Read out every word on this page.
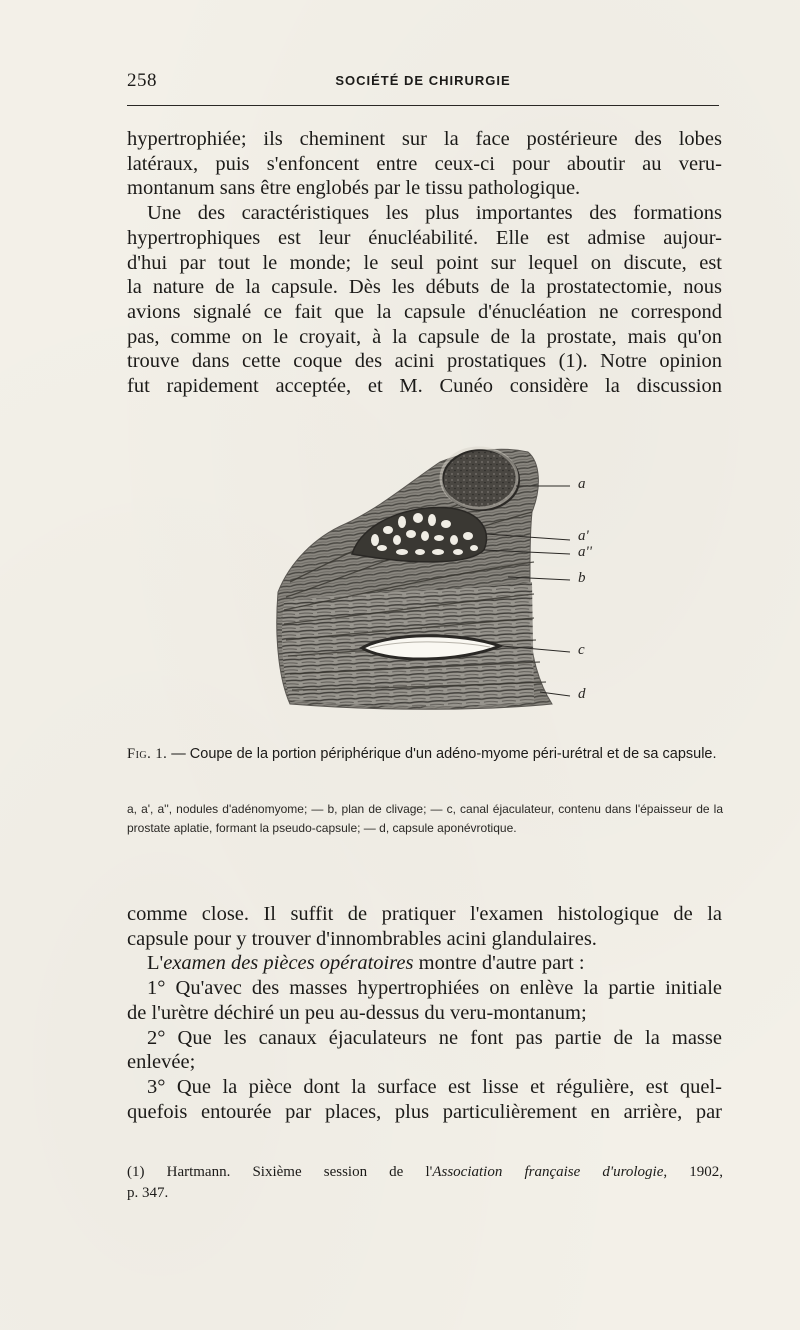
258	SOCIÉTÉ DE CHIRURGIE
hypertrophiée; ils cheminent sur la face postérieure des lobes
latéraux, puis s'enfoncent entre ceux-ci pour aboutir au veru-
montanum sans être englobés par le tissu pathologique.
Une des caractéristiques les plus importantes des formations
hypertrophiques est leur énucléabilité. Elle est admise aujour-
d'hui par tout le monde; le seul point sur lequel on discute, est
la nature de la capsule. Dès les débuts de la prostatectomie, nous
avions signalé ce fait que la capsule d'énucléation ne correspond
pas, comme on le croyait, à la capsule de la prostate, mais qu'on
trouve dans cette coque des acini prostatiques (1). Notre opinion
fut rapidement acceptée, et M. Cunéo considère la discussion
a
a'
a''
b
c
d
Fig. 1. — Coupe de la portion périphérique d'un adéno-myome péri-urétral et de sa capsule.
a, a', a'', nodules d'adénomyome; — b, plan de clivage; — c, canal éjaculateur, contenu dans l'épaisseur de la prostate aplatie, formant la pseudo-capsule; — d, capsule aponévrotique.
comme close. Il suffit de pratiquer l'examen histologique de la
capsule pour y trouver d'innombrables acini glandulaires.
L'examen des pièces opératoires montre d'autre part :
1° Qu'avec des masses hypertrophiées on enlève la partie initiale
de l'urètre déchiré un peu au-dessus du veru-montanum;
2° Que les canaux éjaculateurs ne font pas partie de la masse
enlevée;
3° Que la pièce dont la surface est lisse et régulière, est quel-
quefois entourée par places, plus particulièrement en arrière, par
(1) Hartmann. Sixième session de l'Association française d'urologie, 1902,
p. 347.
